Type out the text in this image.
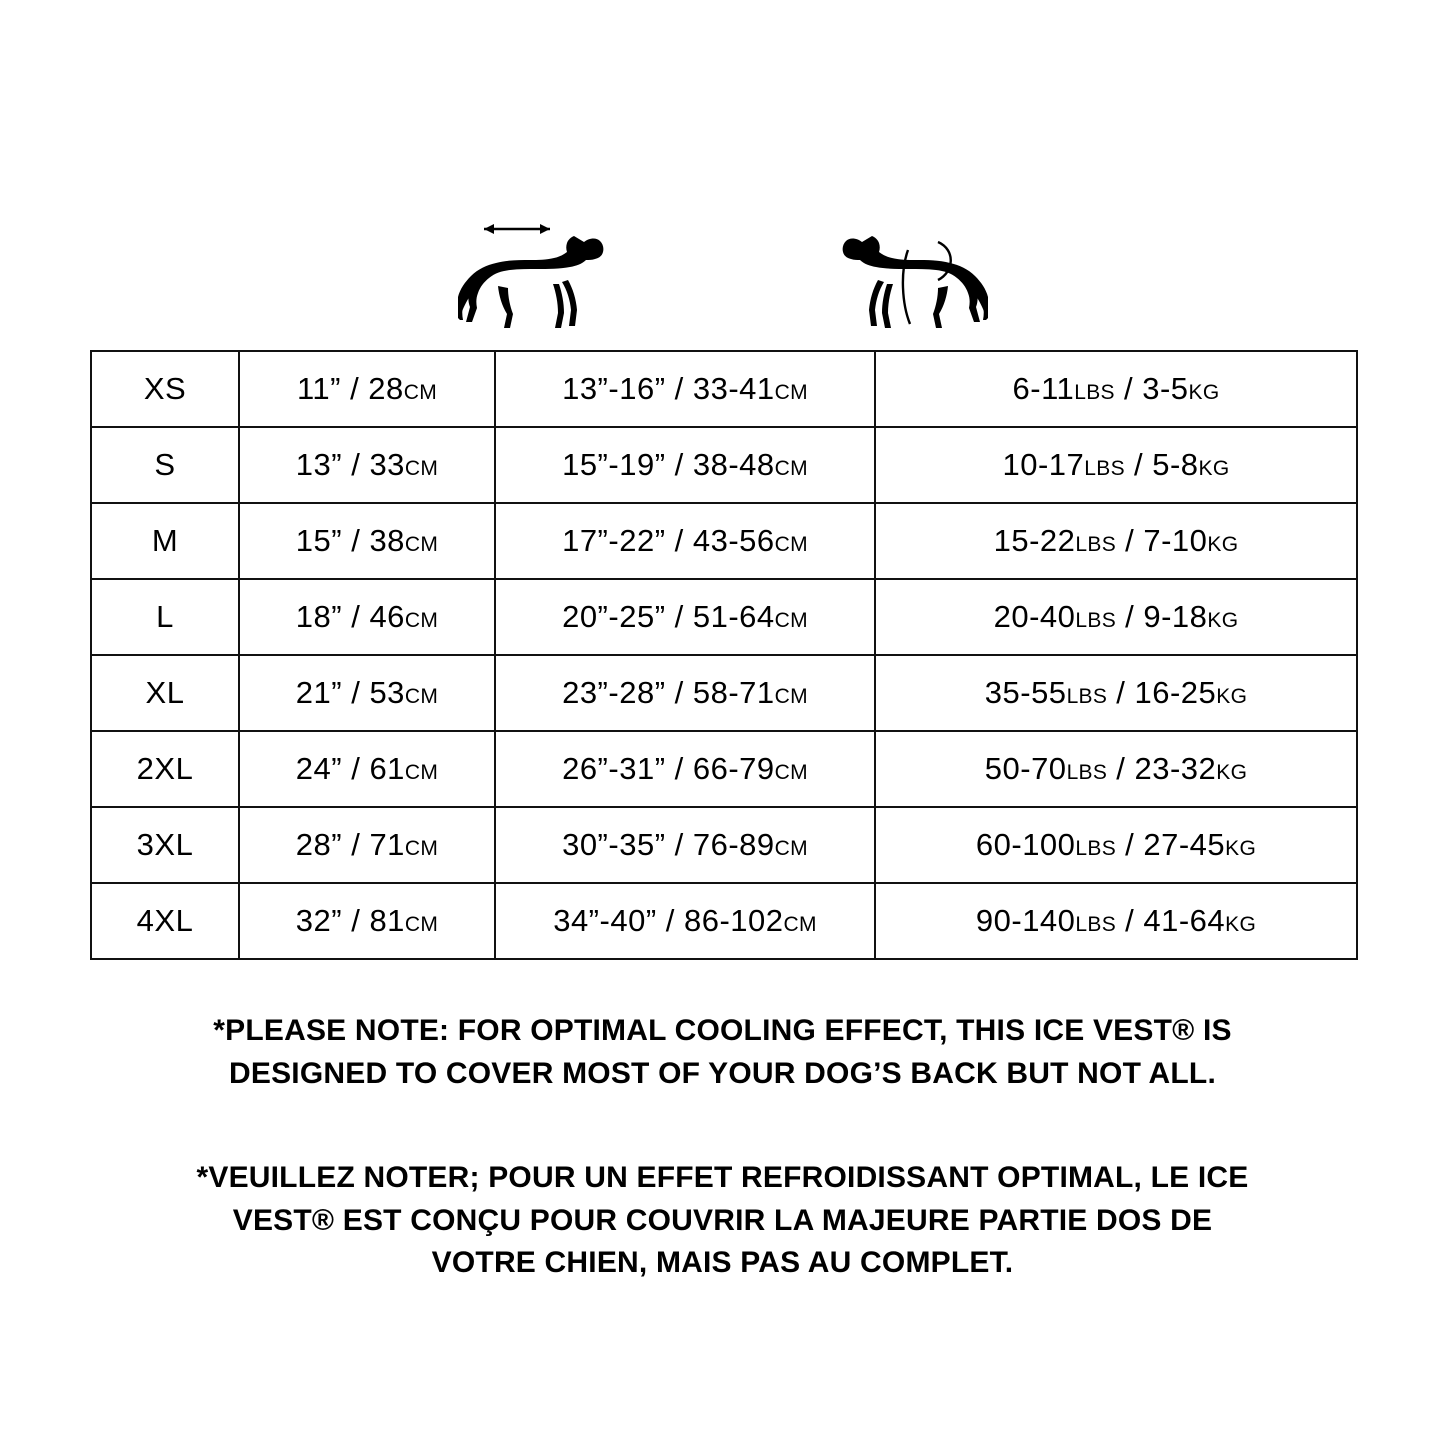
XS	11” / 28CM	13”-16” / 33-41CM	6-11LBS / 3-5KG
S	13” / 33CM	15”-19” / 38-48CM	10-17LBS / 5-8KG
M	15” / 38CM	17”-22” / 43-56CM	15-22LBS / 7-10KG
L	18” / 46CM	20”-25” / 51-64CM	20-40LBS / 9-18KG
XL	21” / 53CM	23”-28” / 58-71CM	35-55LBS / 16-25KG
2XL	24” / 61CM	26”-31” / 66-79CM	50-70LBS / 23-32KG
3XL	28” / 71CM	30”-35” / 76-89CM	60-100LBS / 27-45KG
4XL	32” / 81CM	34”-40” / 86-102CM	90-140LBS / 41-64KG

*PLEASE NOTE: FOR OPTIMAL COOLING EFFECT, THIS ICE VEST® IS DESIGNED TO COVER MOST OF YOUR DOG’S BACK BUT NOT ALL.

*VEUILLEZ NOTER; POUR UN EFFET REFROIDISSANT OPTIMAL, LE ICE VEST® EST CONÇU POUR COUVRIR LA MAJEURE PARTIE DOS DE VOTRE CHIEN, MAIS PAS AU COMPLET.
